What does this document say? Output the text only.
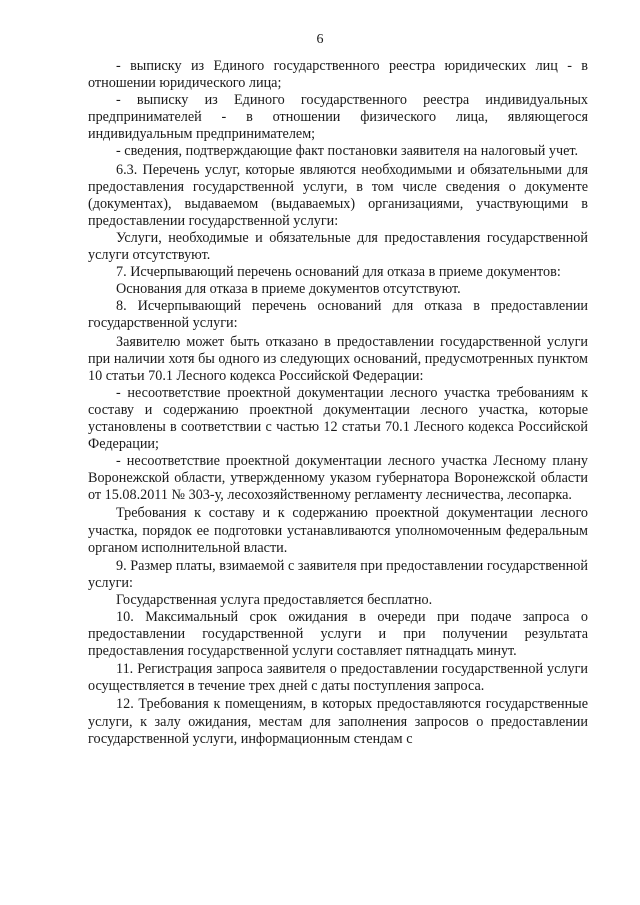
6

- выписку из Единого государственного реестра юридических лиц - в отношении юридического лица;

- выписку из Единого государственного реестра индивидуальных предпринимателей - в отношении физического лица, являющегося индивидуальным предпринимателем;

- сведения, подтверждающие факт постановки заявителя на налоговый учет.

6.3. Перечень услуг, которые являются необходимыми и обязательными для предоставления государственной услуги, в том числе сведения о документе (документах), выдаваемом (выдаваемых) организациями, участвующими в предоставлении государственной услуги:

Услуги, необходимые и обязательные для предоставления государственной услуги отсутствуют.

7. Исчерпывающий перечень оснований для отказа в приеме документов:

Основания для отказа в приеме документов отсутствуют.

8. Исчерпывающий перечень оснований для отказа в предоставлении государственной услуги:

Заявителю может быть отказано в предоставлении государственной услуги при наличии хотя бы одного из следующих оснований, предусмотренных пунктом 10 статьи 70.1 Лесного кодекса Российской Федерации:

- несоответствие проектной документации лесного участка требованиям к составу и содержанию проектной документации лесного участка, которые установлены в соответствии с частью 12 статьи 70.1 Лесного кодекса Российской Федерации;

- несоответствие проектной документации лесного участка Лесному плану Воронежской области, утвержденному указом губернатора Воронежской области от 15.08.2011 № 303-у, лесохозяйственному регламенту лесничества, лесопарка.

Требования к составу и к содержанию проектной документации лесного участка, порядок ее подготовки устанавливаются уполномоченным федеральным органом исполнительной власти.

9. Размер платы, взимаемой с заявителя при предоставлении государственной услуги:

Государственная услуга предоставляется бесплатно.

10. Максимальный срок ожидания в очереди при подаче запроса о предоставлении государственной услуги и при получении результата предоставления государственной услуги составляет пятнадцать минут.

11. Регистрация запроса заявителя о предоставлении государственной услуги осуществляется в течение трех дней с даты поступления запроса.

12. Требования к помещениям, в которых предоставляются государственные услуги, к залу ожидания, местам для заполнения запросов о предоставлении государственной услуги, информационным стендам с
